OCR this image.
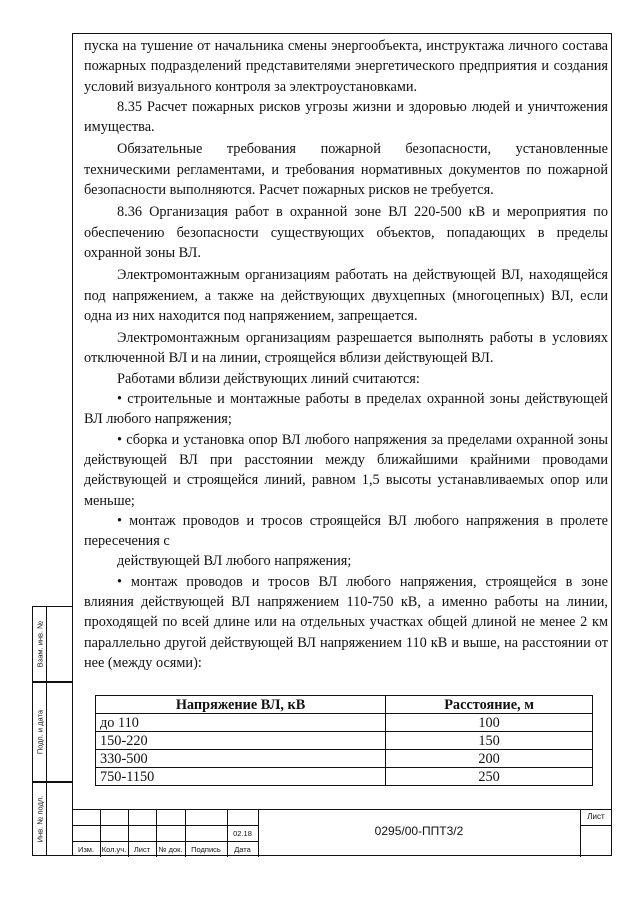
пуска на тушение от начальника смены энергообъекта, инструктажа личного состава пожарных подразделений представителями энергетического предприятия и создания условий визуального контроля за электроустановками.

8.35 Расчет пожарных рисков угрозы жизни и здоровью людей и уничтожения имущества.

Обязательные требования пожарной безопасности, установленные техническими регламентами, и требования нормативных документов по пожарной безопасности выполняются. Расчет пожарных рисков не требуется.

8.36 Организация работ в охранной зоне ВЛ 220-500 кВ и мероприятия по обеспечению безопасности существующих объектов, попадающих в пределы охранной зоны ВЛ.

Электромонтажным организациям работать на действующей ВЛ, находящейся под напряжением, а также на действующих двухцепных (многоцепных) ВЛ, если одна из них находится под напряжением, запрещается.

Электромонтажным организациям разрешается выполнять работы в условиях отключенной ВЛ и на линии, строящейся вблизи действующей ВЛ.

Работами вблизи действующих линий считаются:

• строительные и монтажные работы в пределах охранной зоны действующей ВЛ любого напряжения;

• сборка и установка опор ВЛ любого напряжения за пределами охранной зоны действующей ВЛ при расстоянии между ближайшими крайними проводами действующей и строящейся линий, равном 1,5 высоты устанавливаемых опор или меньше;

• монтаж проводов и тросов строящейся ВЛ любого напряжения в пролете пересечения с

действующей ВЛ любого напряжения;

• монтаж проводов и тросов ВЛ любого напряжения, строящейся в зоне влияния действующей ВЛ напряжением 110-750 кВ, а именно работы на линии, проходящей по всей длине или на отдельных участках общей длиной не менее 2 км параллельно другой действующей ВЛ напряжением 110 кВ и выше, на расстоянии от нее (между осями):

Напряжение ВЛ, кВ	Расстояние, м
до 110	100
150-220	150
330-500	200
750-1150	250
Взам. инв. №
Подп. и дата
Инв. № подл.	02.18
Изм.	Кол.уч.	Лист	№ док.	Подпись	Дата
0295/00-ППТ3/2
Лист
